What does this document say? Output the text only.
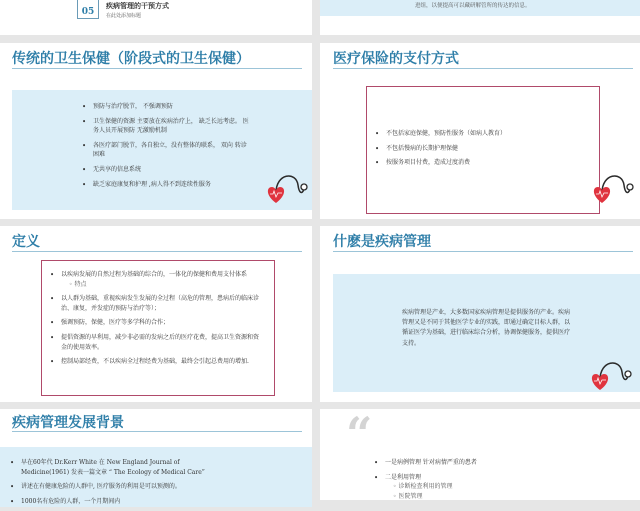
05
疾病管理的干预方式
在此处添加标题
进组，以便提高可以藏研解管所的传达的信息。
传统的卫生保健（阶段式的卫生保健）
• 预防与治疗脱节， 不强调预防
• 卫生保健的资源 主要放在疾病治疗上， 缺乏长远考虑。 医务人员开展预防 无激励机制
• 各医疗部门脱节，各自独立，没有整体的联系， 双向 转诊困难
• 无共享的信息系统
• 缺乏家庭康复和护理 ,病人得不到连续性服务
医疗保险的支付方式
• 不包括家庭保健，预防性服务（如病人教育）
• 不包括慢病的长期护理保健
• 按服务项目付费，造成过度消费
定义
• 以疾病发展的自然过程为基础的综合的，一体化的保健和费用支付体系
◦ 特点
• 以人群为基础，重视疾病发生发展的全过程（高危的管理，患病后的临床诊治、康复，并发症的预防与治疗等）；
• 强调预防，保健，医疗等多学科的合作；
• 提倡资源的早利用，减少非必需的发病之后的医疗花费，提高卫生资源和资金的使用效率。
• 控制局部经费，不以疾病全过程经费为基础，最终会引起总费用的增加.
什麽是疾病管理
疾病管理是产业，大多数国家疾病管理是提供服务的产业。疾病管理又是不同于其他医学专业的实践，即通过确定目标人群，以循证医学为基础，进行临床综合分析，协调保健服务，提供医疗支持。
疾病管理发展背景
• 早在60年代 Dr.Kerr White 在 New England Journal of Medicine(1961) 发表一篇文章 “ The Ecology of Medical Care”
• 讲述在有健康危险的人群中, 医疗服务的利用是可以预测的。
• 1000名有危险的人群，一个月期间内
“
• 一是病例管理 针对病情严重的患者
• 二是利用管理
◦ 诊断检查利用的管理
◦ 医院管理
